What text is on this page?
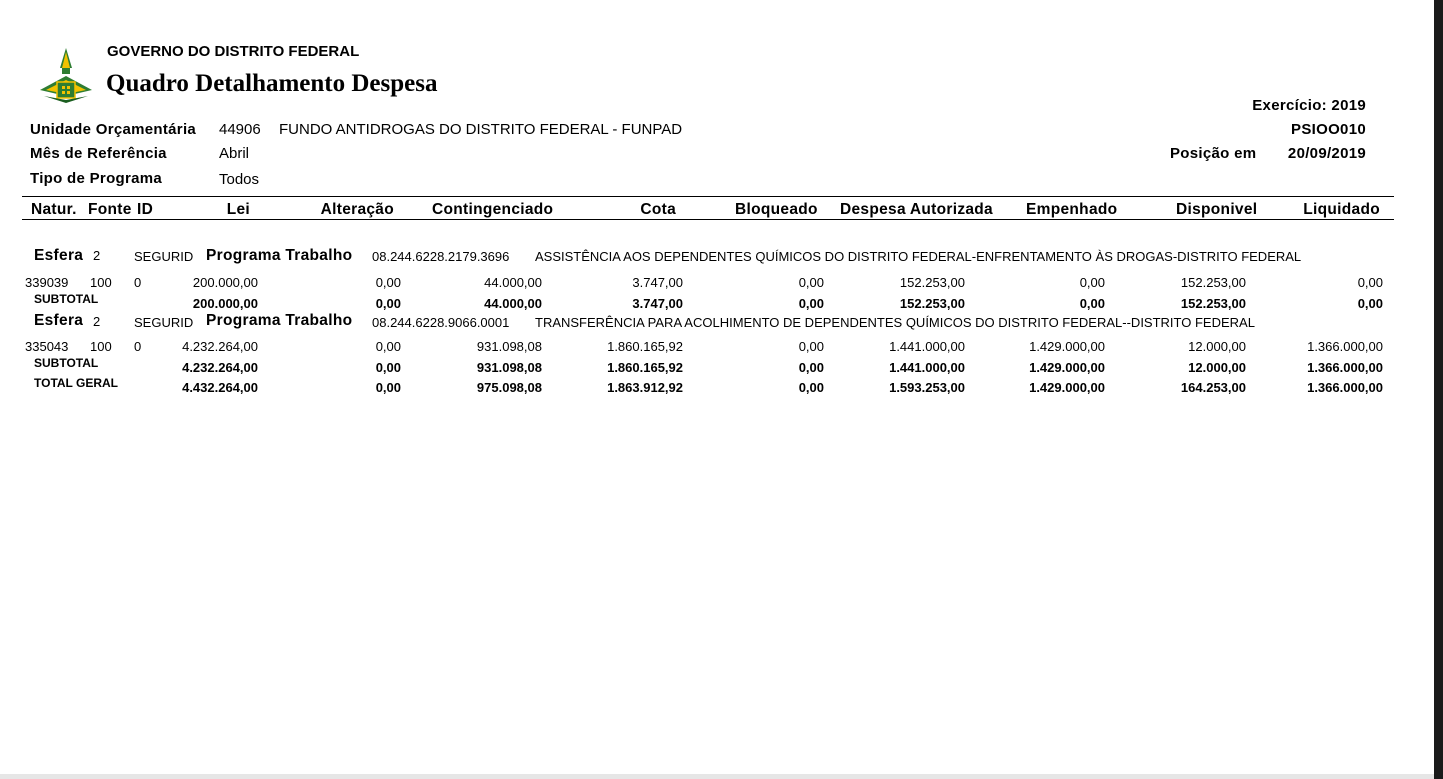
GOVERNO DO DISTRITO FEDERAL
Quadro Detalhamento Despesa
Exercício: 2019
PSIOO010
Posição em 20/09/2019
Unidade Orçamentária 44906 FUNDO ANTIDROGAS DO DISTRITO FEDERAL - FUNPAD
Mês de Referência	Abril
Tipo de Programa	Todos
Natur. Fonte ID	Lei	Alteração Contingenciado	Cota	Bloqueado Despesa Autorizada Empenhado	Disponivel	Liquidado
Esfera 2	SEGURID Programa Trabalho 08.244.6228.2179.3696 ASSISTÊNCIA AOS DEPENDENTES QUÍMICOS DO DISTRITO FEDERAL-ENFRENTAMENTO ÀS DROGAS-DISTRITO FEDERAL
339039 100 0	200.000,00	0,00	44.000,00	3.747,00	0,00	152.253,00	0,00	152.253,00	0,00
SUBTOTAL	200.000,00	0,00	44.000,00	3.747,00	0,00	152.253,00	0,00	152.253,00	0,00
Esfera 2	SEGURID Programa Trabalho 08.244.6228.9066.0001 TRANSFERÊNCIA PARA ACOLHIMENTO DE DEPENDENTES QUÍMICOS DO DISTRITO FEDERAL--DISTRITO FEDERAL
335043 100 0	4.232.264,00	0,00	931.098,08	1.860.165,92	0,00	1.441.000,00	1.429.000,00	12.000,00	1.366.000,00
SUBTOTAL	4.232.264,00	0,00	931.098,08	1.860.165,92	0,00	1.441.000,00	1.429.000,00	12.000,00	1.366.000,00
TOTAL GERAL	4.432.264,00	0,00	975.098,08	1.863.912,92	0,00	1.593.253,00	1.429.000,00	164.253,00	1.366.000,00
